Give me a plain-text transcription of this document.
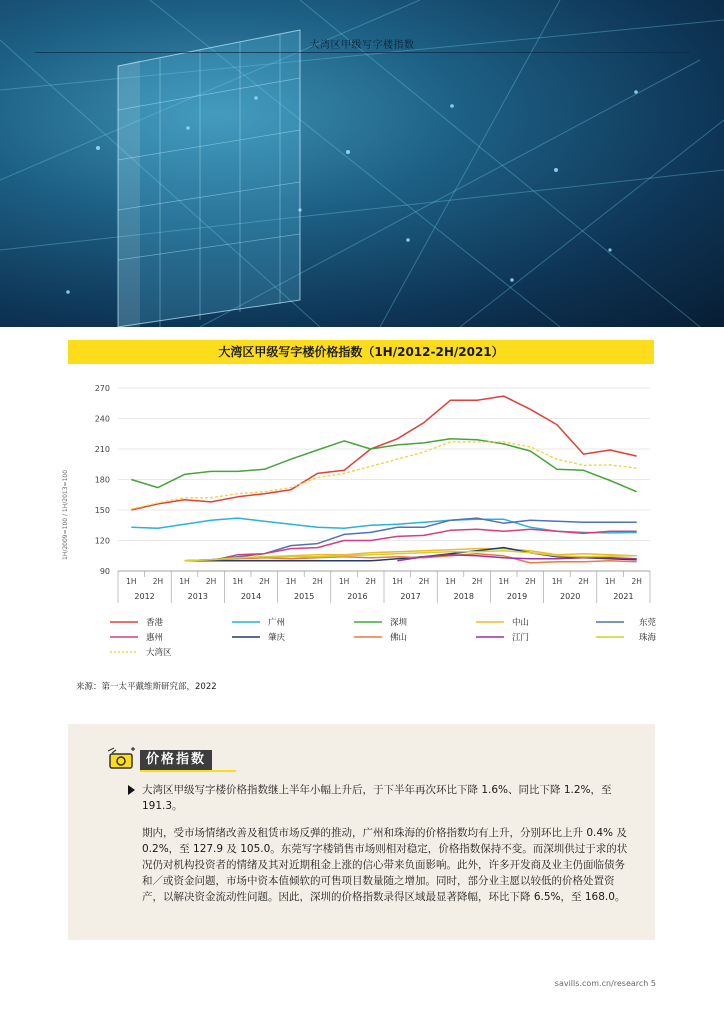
大湾区甲级写字楼指数
大湾区甲级写字楼价格指数（1H/2012-2H/2021）
1H/2009=100 / 1H/2013=100
90
120
150
180
210
240
270
1H 2H 1H 2H 1H 2H 1H 2H 1H 2H 1H 2H 1H 2H 1H 2H 1H 2H 1H 2H
2012	2013	2014	2015	2016	2017	2018	2019	2020	2021
香港	广州	深圳	中山	东莞
惠州	肇庆	佛山	江门	珠海
大湾区
来源：第一太平戴维斯研究部，2022
价格指数
大湾区甲级写字楼价格指数继上半年小幅上升后，于下半年再次环比下降 1.6%、同比下降 1.2%，至 191.3。
期内，受市场情绪改善及租赁市场反弹的推动，广州和珠海的价格指数均有上升，分别环比上升 0.4% 及 0.2%，至 127.9 及 105.0。东莞写字楼销售市场则相对稳定，价格指数保持不变。而深圳供过于求的状况仍对机构投资者的情绪及其对近期租金上涨的信心带来负面影响。此外，许多开发商及业主仍面临债务和／或资金问题，市场中资本值倾软的可售项目数量随之增加。同时，部分业主愿以较低的价格处置资产，以解决资金流动性问题。因此，深圳的价格指数录得区域最显著降幅，环比下降 6.5%，至 168.0。
savills.com.cn/research 5
